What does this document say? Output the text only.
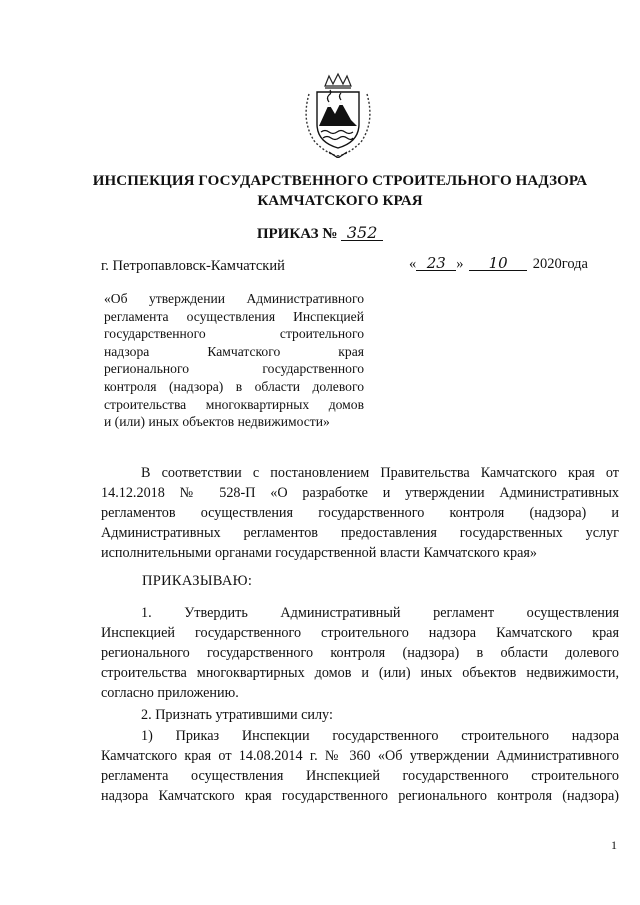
ИНСПЕКЦИЯ ГОСУДАРСТВЕННОГО СТРОИТЕЛЬНОГО НАДЗОРА
КАМЧАТСКОГО КРАЯ
ПРИКАЗ № 352
г. Петропавловск-Камчатский	« 23 » 10 2020года
«Об утверждении Административного
регламента осуществления Инспекцией
государственного строительного
надзора Камчатского края
регионального государственного
контроля (надзора) в области долевого
строительства многоквартирных домов
и (или) иных объектов недвижимости»
В соответствии с постановлением Правительства Камчатского края от
14.12.2018 № 528-П «О разработке и утверждении Административных
регламентов осуществления государственного контроля (надзора) и
Административных регламентов предоставления государственных услуг
исполнительными органами государственной власти Камчатского края»
ПРИКАЗЫВАЮ:
1. Утвердить Административный регламент осуществления
Инспекцией государственного строительного надзора Камчатского края
регионального государственного контроля (надзора) в области долевого
строительства многоквартирных домов и (или) иных объектов недвижимости,
согласно приложению.
2. Признать утратившими силу:
1) Приказ Инспекции государственного строительного надзора
Камчатского края от 14.08.2014 г. № 360 «Об утверждении Административного
регламента осуществления Инспекцией государственного строительного
надзора Камчатского края государственного регионального контроля (надзора)
1
